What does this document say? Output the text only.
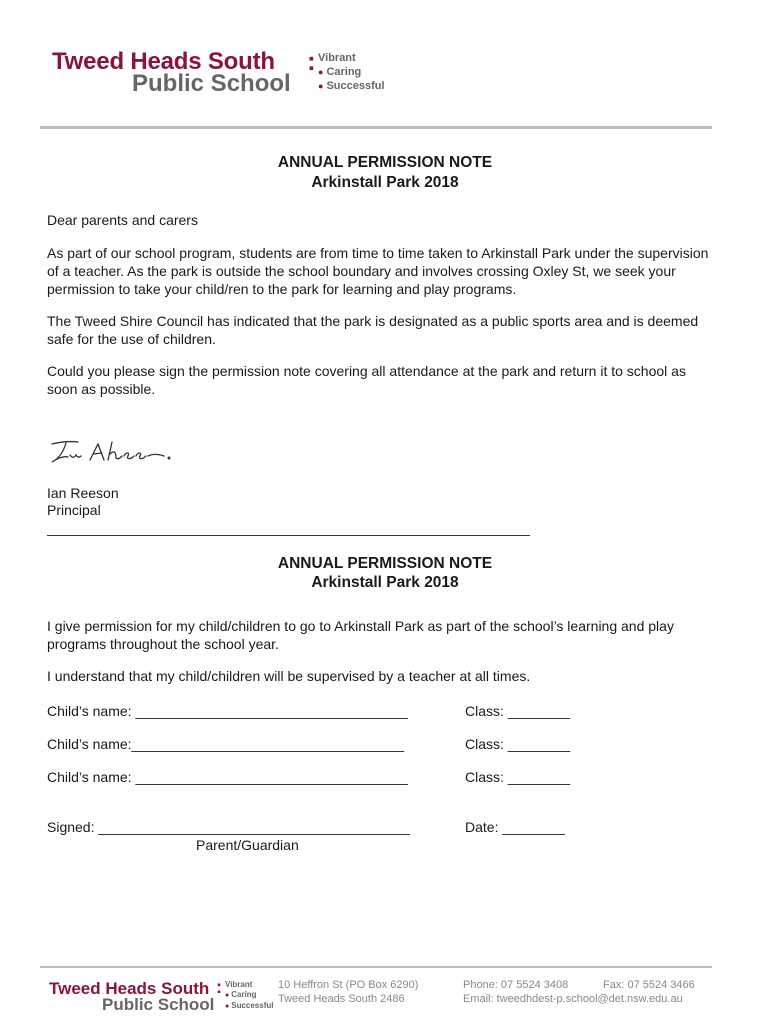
Tweed Heads South :
Public School
Vibrant
● Caring
● Successful
ANNUAL PERMISSION NOTE
Arkinstall Park 2018
Dear parents and carers
As part of our school program, students are from time to time taken to Arkinstall Park under the supervision of a teacher. As the park is outside the school boundary and involves crossing Oxley St, we seek your permission to take your child/ren to the park for learning and play programs.
The Tweed Shire Council has indicated that the park is designated as a public sports area and is deemed safe for the use of children.
Could you please sign the permission note covering all attendance at the park and return it to school as soon as possible.
Ian Reeson
Principal
______________________________________________________________
ANNUAL PERMISSION NOTE
Arkinstall Park 2018
I give permission for my child/children to go to Arkinstall Park as part of the school’s learning and play programs throughout the school year.
I understand that my child/children will be supervised by a teacher at all times.
Child’s name: ___________________________________	Class: ________
Child’s name:___________________________________	Class: ________
Child’s name: ___________________________________	Class: ________
Signed: ________________________________________	Date: ________
Parent/Guardian
Tweed Heads South :
Public School
Vibrant
● Caring
● Successful
10 Heffron St (PO Box 6290)
Tweed Heads South 2486
Phone: 07 5524 3408	Fax: 07 5524 3466
Email: tweedhdest-p.school@det.nsw.edu.au
